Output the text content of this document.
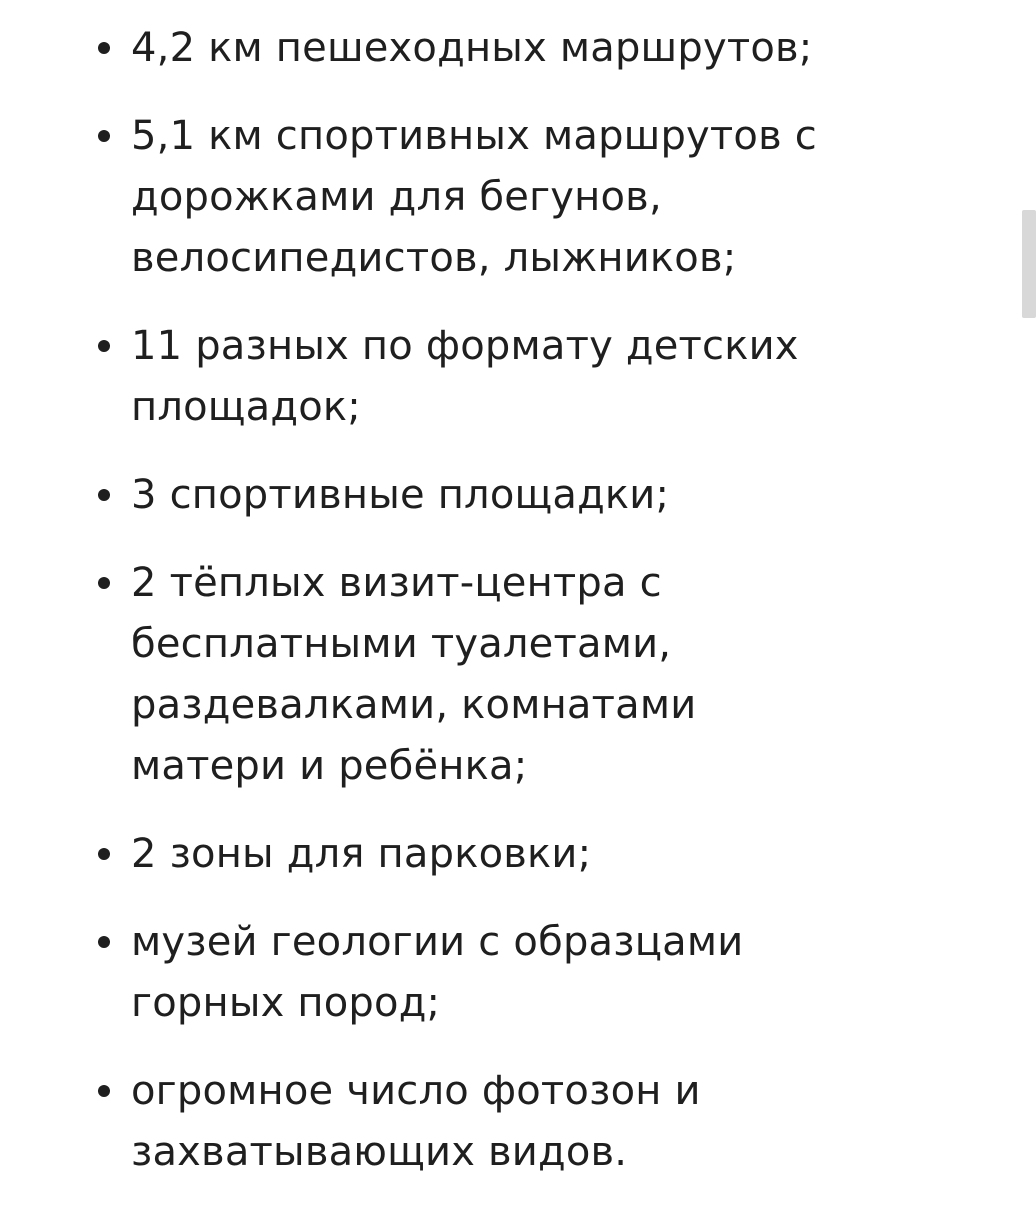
4,2 км пешеходных маршрутов;
5,1 км спортивных маршрутов с
дорожками для бегунов,
велосипедистов, лыжников;
11 разных по формату детских
площадок;
3 спортивные площадки;
2 тёплых визит-центра с
бесплатными туалетами,
раздевалками, комнатами
матери и ребёнка;
2 зоны для парковки;
музей геологии с образцами
горных пород;
огромное число фотозон и
захватывающих видов.
